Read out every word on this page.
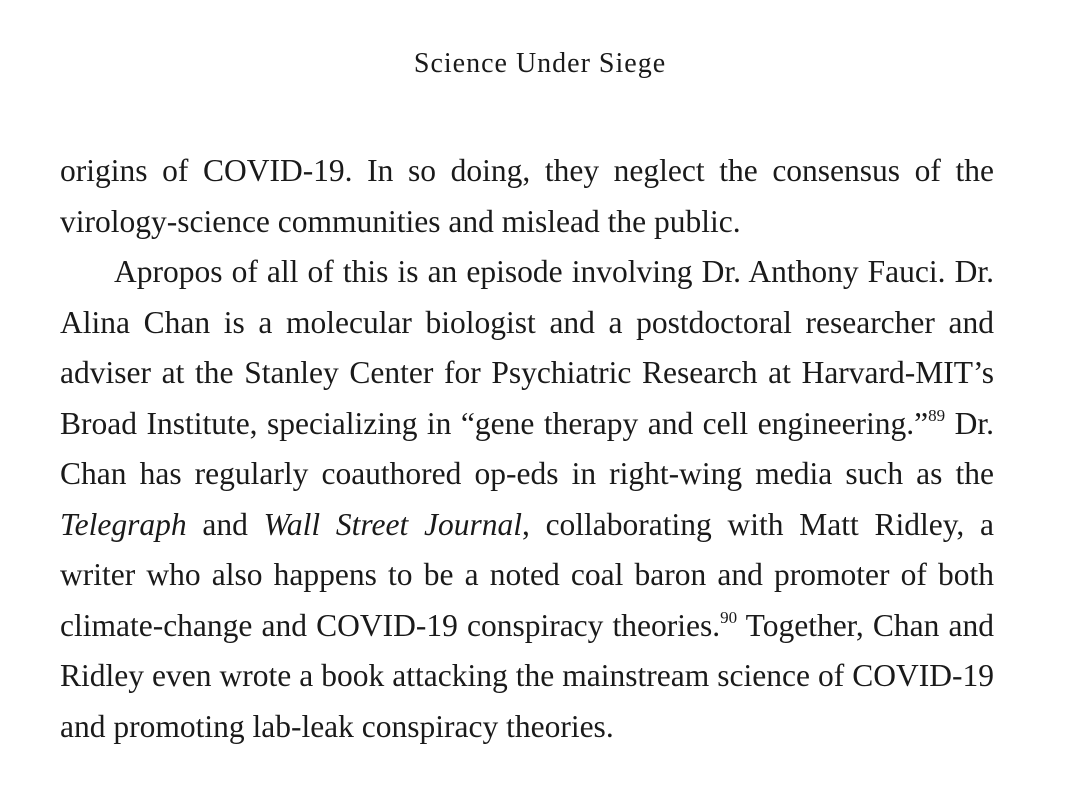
Science Under Siege

origins of COVID-19. In so doing, they neglect the consensus of the virology-science communities and mislead the public.

Apropos of all of this is an episode involving Dr. Anthony Fauci. Dr. Alina Chan is a molecular biologist and a postdoctoral researcher and adviser at the Stanley Center for Psychiatric Research at Harvard-MIT’s Broad Institute, specializing in “gene therapy and cell engineering.”$^{89}$ Dr. Chan has regularly coauthored op-eds in right-wing media such as the Telegraph and Wall Street Journal, collaborating with Matt Ridley, a writer who also happens to be a noted coal baron and promoter of both climate-change and COVID-19 conspiracy theories.$^{90}$ Together, Chan and Ridley even wrote a book attacking the mainstream science of COVID-19 and promoting lab-leak conspiracy theories.
